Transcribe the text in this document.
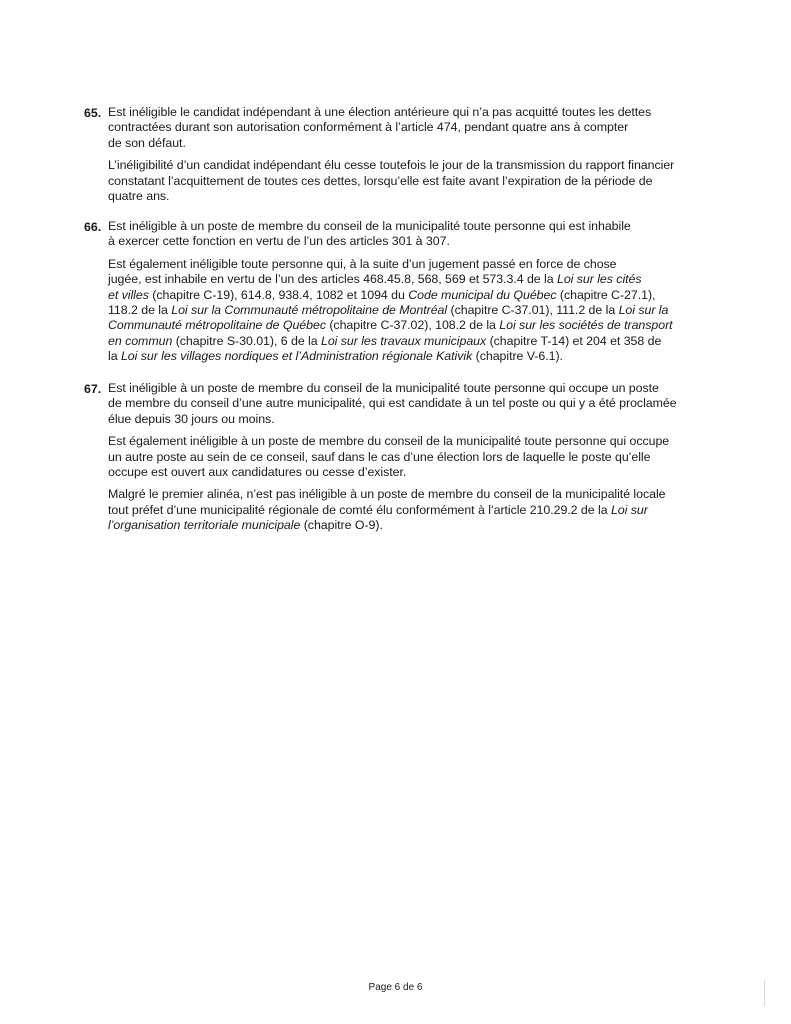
65. Est inéligible le candidat indépendant à une élection antérieure qui n’a pas acquitté toutes les dettes
contractées durant son autorisation conformément à l’article 474, pendant quatre ans à compter
de son défaut.

L’inéligibilité d’un candidat indépendant élu cesse toutefois le jour de la transmission du rapport financier
constatant l’acquittement de toutes ces dettes, lorsqu’elle est faite avant l’expiration de la période de
quatre ans.

66. Est inéligible à un poste de membre du conseil de la municipalité toute personne qui est inhabile
à exercer cette fonction en vertu de l’un des articles 301 à 307.

Est également inéligible toute personne qui, à la suite d’un jugement passé en force de chose
jugée, est inhabile en vertu de l’un des articles 468.45.8, 568, 569 et 573.3.4 de la Loi sur les cités
et villes (chapitre C-19), 614.8, 938.4, 1082 et 1094 du Code municipal du Québec (chapitre C-27.1),
118.2 de la Loi sur la Communauté métropolitaine de Montréal (chapitre C-37.01), 111.2 de la Loi sur la
Communauté métropolitaine de Québec (chapitre C-37.02), 108.2 de la Loi sur les sociétés de transport
en commun (chapitre S-30.01), 6 de la Loi sur les travaux municipaux (chapitre T-14) et 204 et 358 de
la Loi sur les villages nordiques et l’Administration régionale Kativik (chapitre V-6.1).

67. Est inéligible à un poste de membre du conseil de la municipalité toute personne qui occupe un poste
de membre du conseil d’une autre municipalité, qui est candidate à un tel poste ou qui y a été proclamée
élue depuis 30 jours ou moins.

Est également inéligible à un poste de membre du conseil de la municipalité toute personne qui occupe
un autre poste au sein de ce conseil, sauf dans le cas d’une élection lors de laquelle le poste qu’elle
occupe est ouvert aux candidatures ou cesse d’exister.

Malgré le premier alinéa, n’est pas inéligible à un poste de membre du conseil de la municipalité locale
tout préfet d’une municipalité régionale de comté élu conformément à l’article 210.29.2 de la Loi sur
l’organisation territoriale municipale (chapitre O-9).

Page 6 de 6
